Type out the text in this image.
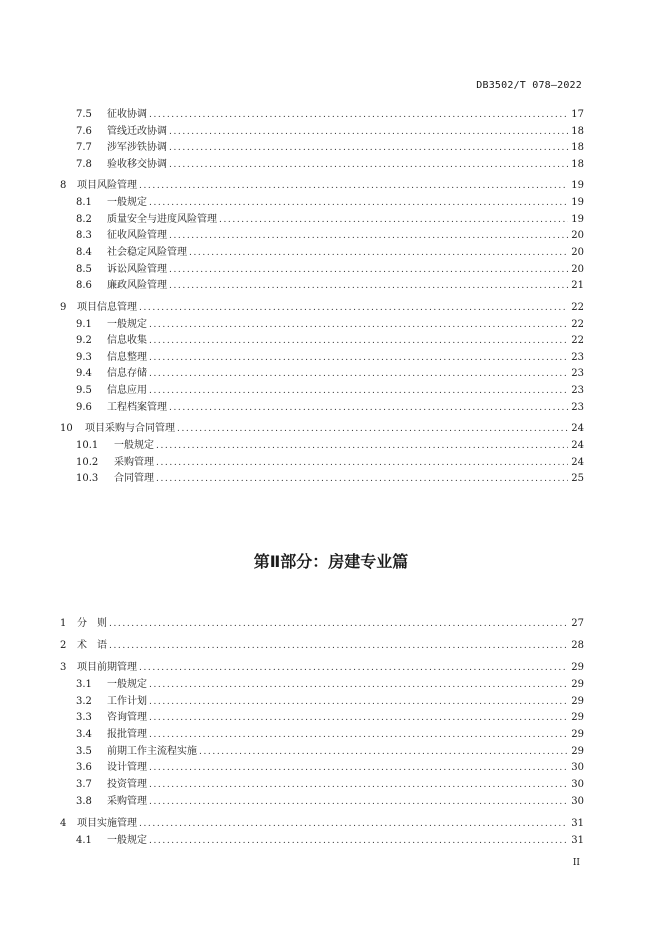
DB3502/T 078—2022
7.5	征收协调 .....	17
7.6	管线迁改协调 .....	18
7.7	涉军涉铁协调 .....	18
7.8	验收移交协调 .....	18
8	项目风险管理 .....	19
8.1	一般规定 .....	19
8.2	质量安全与进度风险管理 .....	19
8.3	征收风险管理 .....	20
8.4	社会稳定风险管理 .....	20
8.5	诉讼风险管理 .....	20
8.6	廉政风险管理 .....	21
9	项目信息管理 .....	22
9.1	一般规定 .....	22
9.2	信息收集 .....	22
9.3	信息整理 .....	23
9.4	信息存储 .....	23
9.5	信息应用 .....	23
9.6	工程档案管理 .....	23
10	项目采购与合同管理 .....	24
10.1	一般规定 .....	24
10.2	采购管理 .....	24
10.3	合同管理 .....	25
第Ⅱ部分：房建专业篇
1	分　则 .....	27
2	术　语 .....	28
3	项目前期管理 .....	29
3.1	一般规定 .....	29
3.2	工作计划 .....	29
3.3	咨询管理 .....	29
3.4	报批管理 .....	29
3.5	前期工作主流程实施 .....	29
3.6	设计管理 .....	30
3.7	投资管理 .....	30
3.8	采购管理 .....	30
4	项目实施管理 .....	31
4.1	一般规定 .....	31
II
